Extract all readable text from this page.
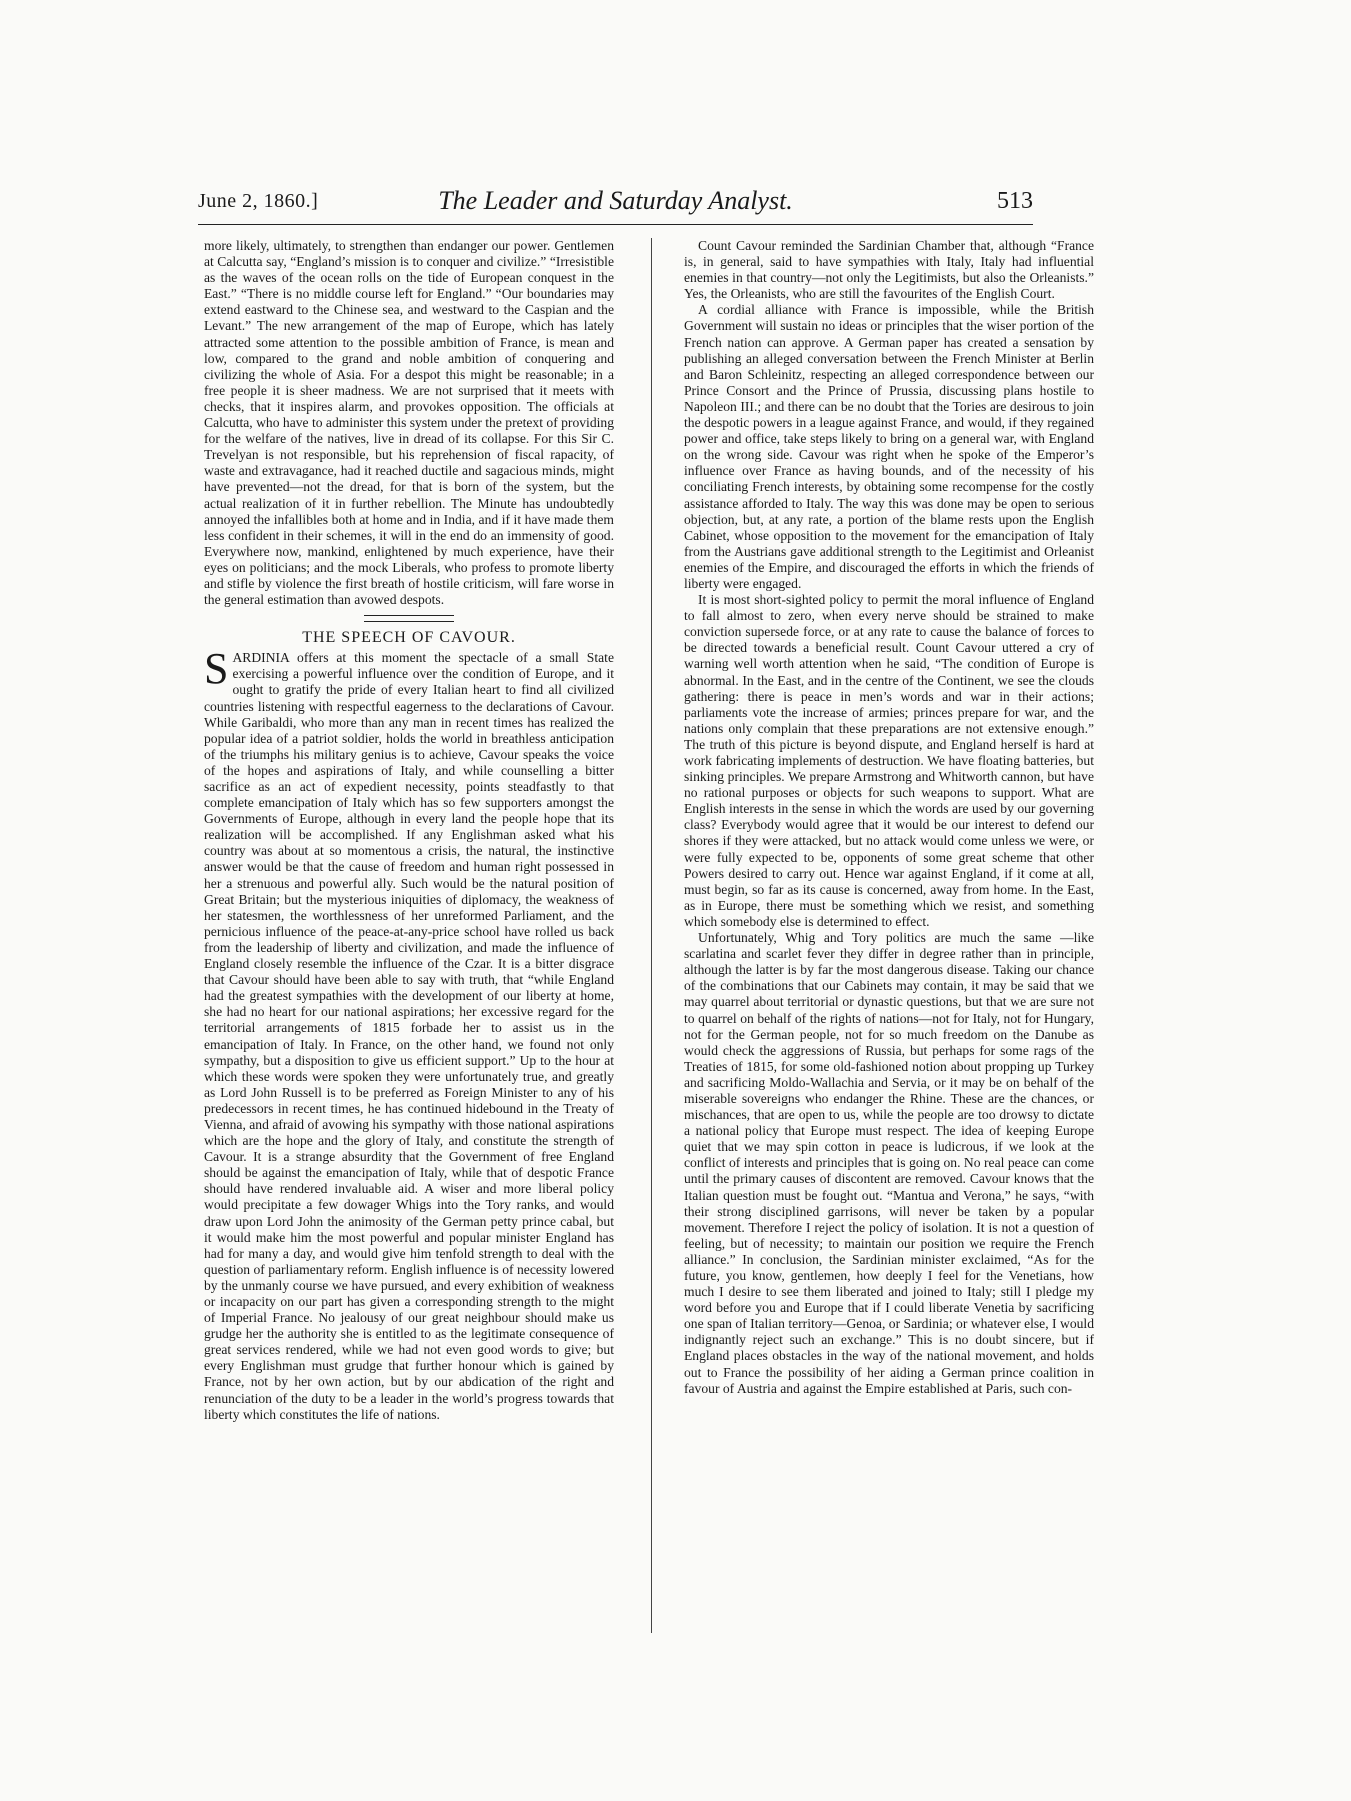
June 2, 1860.]	The Leader and Saturday Analyst.	513

more likely, ultimately, to strengthen than endanger our power. Gentlemen at Calcutta say, “England’s mission is to conquer and civilize.” “Irresistible as the waves of the ocean rolls on the tide of European conquest in the East.” “There is no middle course left for England.” “Our boundaries may extend eastward to the Chinese sea, and westward to the Caspian and the Levant.” The new arrangement of the map of Europe, which has lately attracted some attention to the possible ambition of France, is mean and low, compared to the grand and noble ambition of conquering and civilizing the whole of Asia. For a despot this might be reasonable; in a free people it is sheer madness. We are not surprised that it meets with checks, that it inspires alarm, and provokes opposition. The officials at Calcutta, who have to administer this system under the pretext of providing for the welfare of the natives, live in dread of its collapse. For this Sir C. Trevelyan is not responsible, but his reprehension of fiscal rapacity, of waste and extravagance, had it reached ductile and sagacious minds, might have prevented—not the dread, for that is born of the system, but the actual realization of it in further rebellion. The Minute has undoubtedly annoyed the infallibles both at home and in India, and if it have made them less confident in their schemes, it will in the end do an immensity of good. Everywhere now, mankind, enlightened by much experience, have their eyes on politicians; and the mock Liberals, who profess to promote liberty and stifle by violence the first breath of hostile criticism, will fare worse in the general estimation than avowed despots.

THE SPEECH OF CAVOUR.

SARDINIA offers at this moment the spectacle of a small State exercising a powerful influence over the condition of Europe, and it ought to gratify the pride of every Italian heart to find all civilized countries listening with respectful eagerness to the declarations of Cavour. While Garibaldi, who more than any man in recent times has realized the popular idea of a patriot soldier, holds the world in breathless anticipation of the triumphs his military genius is to achieve, Cavour speaks the voice of the hopes and aspirations of Italy, and while counselling a bitter sacrifice as an act of expedient necessity, points steadfastly to that complete emancipation of Italy which has so few supporters amongst the Governments of Europe, although in every land the people hope that its realization will be accomplished. If any Englishman asked what his country was about at so momentous a crisis, the natural, the instinctive answer would be that the cause of freedom and human right possessed in her a strenuous and powerful ally. Such would be the natural position of Great Britain; but the mysterious iniquities of diplomacy, the weakness of her statesmen, the worthlessness of her unreformed Parliament, and the pernicious influence of the peace-at-any-price school have rolled us back from the leadership of liberty and civilization, and made the influence of England closely resemble the influence of the Czar. It is a bitter disgrace that Cavour should have been able to say with truth, that “while England had the greatest sympathies with the development of our liberty at home, she had no heart for our national aspirations; her excessive regard for the territorial arrangements of 1815 forbade her to assist us in the emancipation of Italy. In France, on the other hand, we found not only sympathy, but a disposition to give us efficient support.” Up to the hour at which these words were spoken they were unfortunately true, and greatly as Lord John Russell is to be preferred as Foreign Minister to any of his predecessors in recent times, he has continued hidebound in the Treaty of Vienna, and afraid of avowing his sympathy with those national aspirations which are the hope and the glory of Italy, and constitute the strength of Cavour. It is a strange absurdity that the Government of free England should be against the emancipation of Italy, while that of despotic France should have rendered invaluable aid. A wiser and more liberal policy would precipitate a few dowager Whigs into the Tory ranks, and would draw upon Lord John the animosity of the German petty prince cabal, but it would make him the most powerful and popular minister England has had for many a day, and would give him tenfold strength to deal with the question of parliamentary reform. English influence is of necessity lowered by the unmanly course we have pursued, and every exhibition of weakness or incapacity on our part has given a corresponding strength to the might of Imperial France. No jealousy of our great neighbour should make us grudge her the authority she is entitled to as the legitimate consequence of great services rendered, while we had not even good words to give; but every Englishman must grudge that further honour which is gained by France, not by her own action, but by our abdication of the right and renunciation of the duty to be a leader in the world’s progress towards that liberty which constitutes the life of nations.

Count Cavour reminded the Sardinian Chamber that, although “France is, in general, said to have sympathies with Italy, Italy had influential enemies in that country—not only the Legitimists, but also the Orleanists.” Yes, the Orleanists, who are still the favourites of the English Court.

A cordial alliance with France is impossible, while the British Government will sustain no ideas or principles that the wiser portion of the French nation can approve. A German paper has created a sensation by publishing an alleged conversation between the French Minister at Berlin and Baron Schleinitz, respecting an alleged correspondence between our Prince Consort and the Prince of Prussia, discussing plans hostile to Napoleon III.; and there can be no doubt that the Tories are desirous to join the despotic powers in a league against France, and would, if they regained power and office, take steps likely to bring on a general war, with England on the wrong side. Cavour was right when he spoke of the Emperor’s influence over France as having bounds, and of the necessity of his conciliating French interests, by obtaining some recompense for the costly assistance afforded to Italy. The way this was done may be open to serious objection, but, at any rate, a portion of the blame rests upon the English Cabinet, whose opposition to the movement for the emancipation of Italy from the Austrians gave additional strength to the Legitimist and Orleanist enemies of the Empire, and discouraged the efforts in which the friends of liberty were engaged.

It is most short-sighted policy to permit the moral influence of England to fall almost to zero, when every nerve should be strained to make conviction supersede force, or at any rate to cause the balance of forces to be directed towards a beneficial result. Count Cavour uttered a cry of warning well worth attention when he said, “The condition of Europe is abnormal. In the East, and in the centre of the Continent, we see the clouds gathering: there is peace in men’s words and war in their actions; parliaments vote the increase of armies; princes prepare for war, and the nations only complain that these preparations are not extensive enough.” The truth of this picture is beyond dispute, and England herself is hard at work fabricating implements of destruction. We have floating batteries, but sinking principles. We prepare Armstrong and Whitworth cannon, but have no rational purposes or objects for such weapons to support. What are English interests in the sense in which the words are used by our governing class? Everybody would agree that it would be our interest to defend our shores if they were attacked, but no attack would come unless we were, or were fully expected to be, opponents of some great scheme that other Powers desired to carry out. Hence war against England, if it come at all, must begin, so far as its cause is concerned, away from home. In the East, as in Europe, there must be something which we resist, and something which somebody else is determined to effect.

Unfortunately, Whig and Tory politics are much the same —like scarlatina and scarlet fever they differ in degree rather than in principle, although the latter is by far the most dangerous disease. Taking our chance of the combinations that our Cabinets may contain, it may be said that we may quarrel about territorial or dynastic questions, but that we are sure not to quarrel on behalf of the rights of nations—not for Italy, not for Hungary, not for the German people, not for so much freedom on the Danube as would check the aggressions of Russia, but perhaps for some rags of the Treaties of 1815, for some old-fashioned notion about propping up Turkey and sacrificing Moldo-Wallachia and Servia, or it may be on behalf of the miserable sovereigns who endanger the Rhine. These are the chances, or mischances, that are open to us, while the people are too drowsy to dictate a national policy that Europe must respect. The idea of keeping Europe quiet that we may spin cotton in peace is ludicrous, if we look at the conflict of interests and principles that is going on. No real peace can come until the primary causes of discontent are removed. Cavour knows that the Italian question must be fought out. “Mantua and Verona,” he says, “with their strong disciplined garrisons, will never be taken by a popular movement. Therefore I reject the policy of isolation. It is not a question of feeling, but of necessity; to maintain our position we require the French alliance.” In conclusion, the Sardinian minister exclaimed, “As for the future, you know, gentlemen, how deeply I feel for the Venetians, how much I desire to see them liberated and joined to Italy; still I pledge my word before you and Europe that if I could liberate Venetia by sacrificing one span of Italian territory—Genoa, or Sardinia; or whatever else, I would indignantly reject such an exchange.” This is no doubt sincere, but if England places obstacles in the way of the national movement, and holds out to France the possibility of her aiding a German prince coalition in favour of Austria and against the Empire established at Paris, such con-
